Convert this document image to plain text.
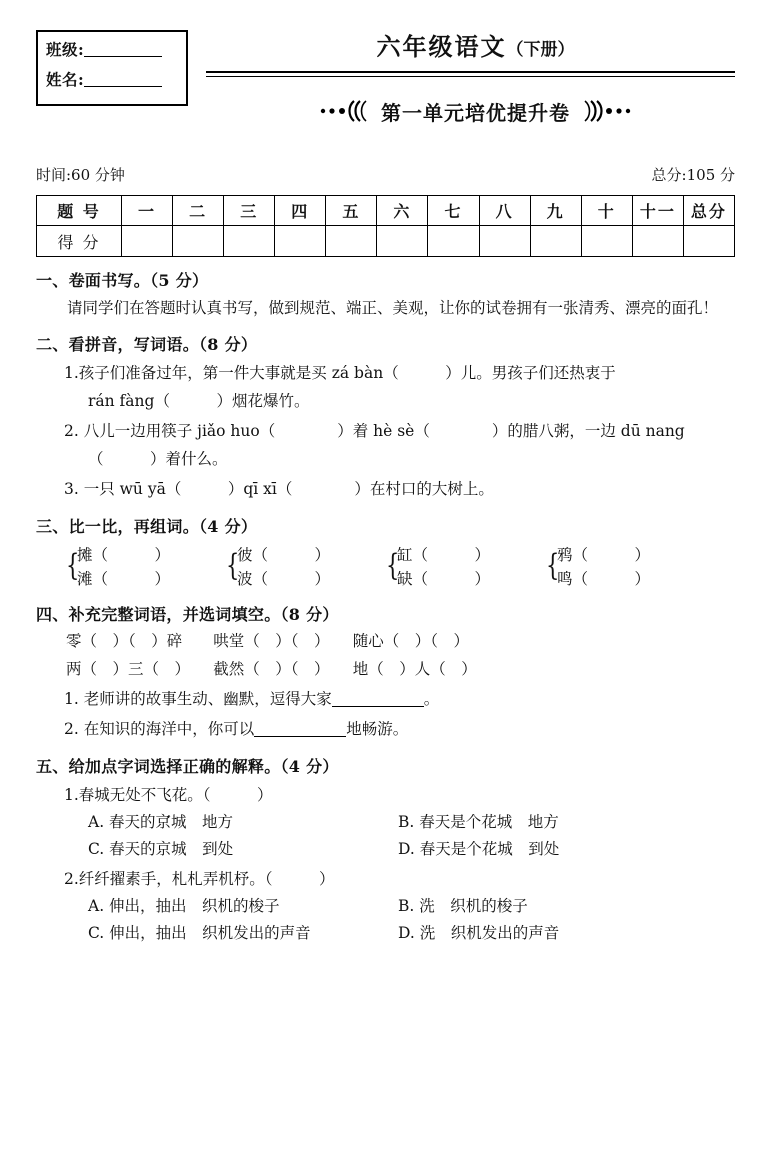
班级:
姓名:
六年级语文（下册）
第一单元培优提升卷
时间:60 分钟	总分:105 分
题 号	一	二	三	四	五	六	七	八	九	十	十一	总分
得 分												
一、卷面书写。（5 分）
请同学们在答题时认真书写，做到规范、端正、美观，让你的试卷拥有一张清秀、漂亮的面孔！
二、看拼音，写词语。（8 分）
1.孩子们准备过年，第一件大事就是买 zá bàn（　　　）儿。男孩子们还热衷于
rán fàng（　　　）烟花爆竹。
2. 八儿一边用筷子 jiǎo huo（　　　　）着 hè sè（　　　　）的腊八粥，一边 dū nang
（　　　）着什么。
3. 一只 wū yā（　　　）qī xī（　　　　）在村口的大树上。
三、比一比，再组词。（4 分）
{
摊（　　　）
滩（　　　）	{
彼（　　　）
波（　　　）	{
缸（　　　）
缺（　　　）	{
鸦（　　　）
鸣（　　　）
四、补充完整词语，并选词填空。（8 分）
零（　）（　）碎　　哄堂（　）（　）　　随心（　）（　）
两（　）三（　）　　截然（　）（　）　　地（　）人（　）
1. 老师讲的故事生动、幽默，逗得大家	。
2. 在知识的海洋中，你可以	地畅游。
五、给加点字词选择正确的解释。（4 分）
1.春城无处不飞花。（　　　） ·
A. 春天的京城　地方	B. 春天是个花城　地方
C. 春天的京城　到处	D. 春天是个花城　到处
2.纤纤擢素手，札札弄机杼。（　　　）
A. 伸出，抽出　织机的梭子	B. 洗　织机的梭子
C. 伸出，抽出　织机发出的声音	D. 洗　织机发出的声音
